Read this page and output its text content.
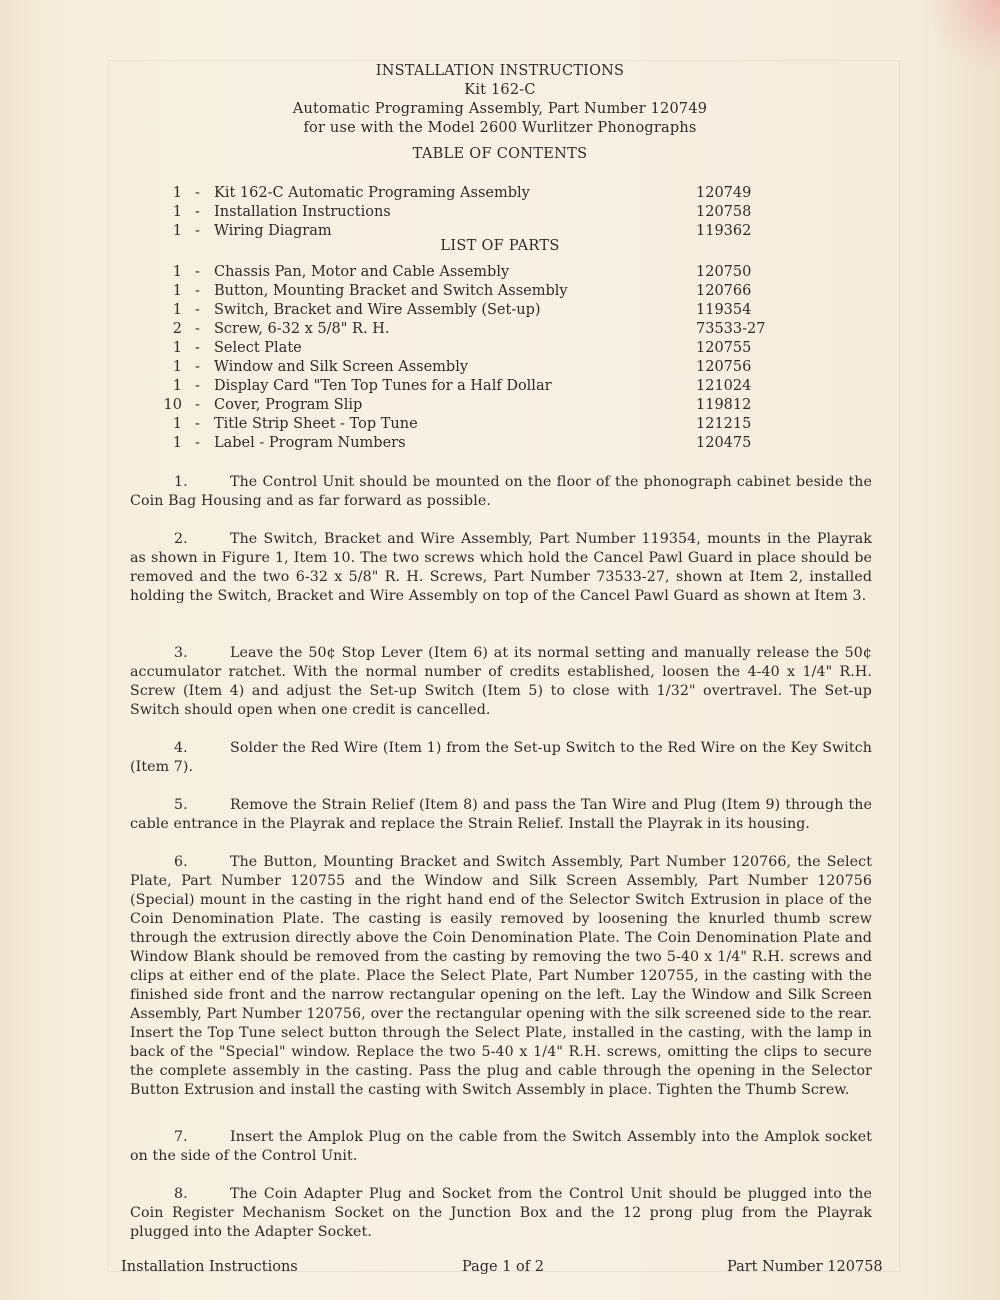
INSTALLATION INSTRUCTIONS
Kit 162-C
Automatic Programing Assembly, Part Number 120749
for use with the Model 2600 Wurlitzer Phonographs
TABLE OF CONTENTS
1 - Kit 162-C Automatic Programing Assembly	120749
1 - Installation Instructions	120758
1 - Wiring Diagram	119362
LIST OF PARTS
1 - Chassis Pan, Motor and Cable Assembly	120750
1 - Button, Mounting Bracket and Switch Assembly	120766
1 - Switch, Bracket and Wire Assembly (Set-up)	119354
2 - Screw, 6-32 x 5/8" R. H.	73533-27
1 - Select Plate	120755
1 - Window and Silk Screen Assembly	120756
1 - Display Card "Ten Top Tunes for a Half Dollar	121024
10 - Cover, Program Slip	119812
1 - Title Strip Sheet - Top Tune	121215
1 - Label - Program Numbers	120475
1.	The Control Unit should be mounted on the floor of the phonograph cabinet beside the Coin Bag Housing and as far forward as possible.
2.	The Switch, Bracket and Wire Assembly, Part Number 119354, mounts in the Playrak as shown in Figure 1, Item 10. The two screws which hold the Cancel Pawl Guard in place should be removed and the two 6-32 x 5/8" R. H. Screws, Part Number 73533-27, shown at Item 2, installed holding the Switch, Bracket and Wire Assembly on top of the Cancel Pawl Guard as shown at Item 3.
3.	Leave the 50¢ Stop Lever (Item 6) at its normal setting and manually release the 50¢ accumulator ratchet. With the normal number of credits established, loosen the 4-40 x 1/4" R.H. Screw (Item 4) and adjust the Set-up Switch (Item 5) to close with 1/32" overtravel. The Set-up Switch should open when one credit is cancelled.
4.	Solder the Red Wire (Item 1) from the Set-up Switch to the Red Wire on the Key Switch (Item 7).
5.	Remove the Strain Relief (Item 8) and pass the Tan Wire and Plug (Item 9) through the cable entrance in the Playrak and replace the Strain Relief. Install the Playrak in its housing.
6.	The Button, Mounting Bracket and Switch Assembly, Part Number 120766, the Select Plate, Part Number 120755 and the Window and Silk Screen Assembly, Part Number 120756 (Special) mount in the casting in the right hand end of the Selector Switch Extrusion in place of the Coin Denomination Plate. The casting is easily removed by loosening the knurled thumb screw through the extrusion directly above the Coin Denomination Plate. The Coin Denomination Plate and Window Blank should be removed from the casting by removing the two 5-40 x 1/4" R.H. screws and clips at either end of the plate. Place the Select Plate, Part Number 120755, in the casting with the finished side front and the narrow rectangular opening on the left. Lay the Window and Silk Screen Assembly, Part Number 120756, over the rectangular opening with the silk screened side to the rear. Insert the Top Tune select button through the Select Plate, installed in the casting, with the lamp in back of the "Special" window. Replace the two 5-40 x 1/4" R.H. screws, omitting the clips to secure the complete assembly in the casting. Pass the plug and cable through the opening in the Selector Button Extrusion and install the casting with Switch Assembly in place. Tighten the Thumb Screw.
7.	Insert the Amplok Plug on the cable from the Switch Assembly into the Amplok socket on the side of the Control Unit.
8.	The Coin Adapter Plug and Socket from the Control Unit should be plugged into the Coin Register Mechanism Socket on the Junction Box and the 12 prong plug from the Playrak plugged into the Adapter Socket.
Installation Instructions	Page 1 of 2	Part Number 120758
